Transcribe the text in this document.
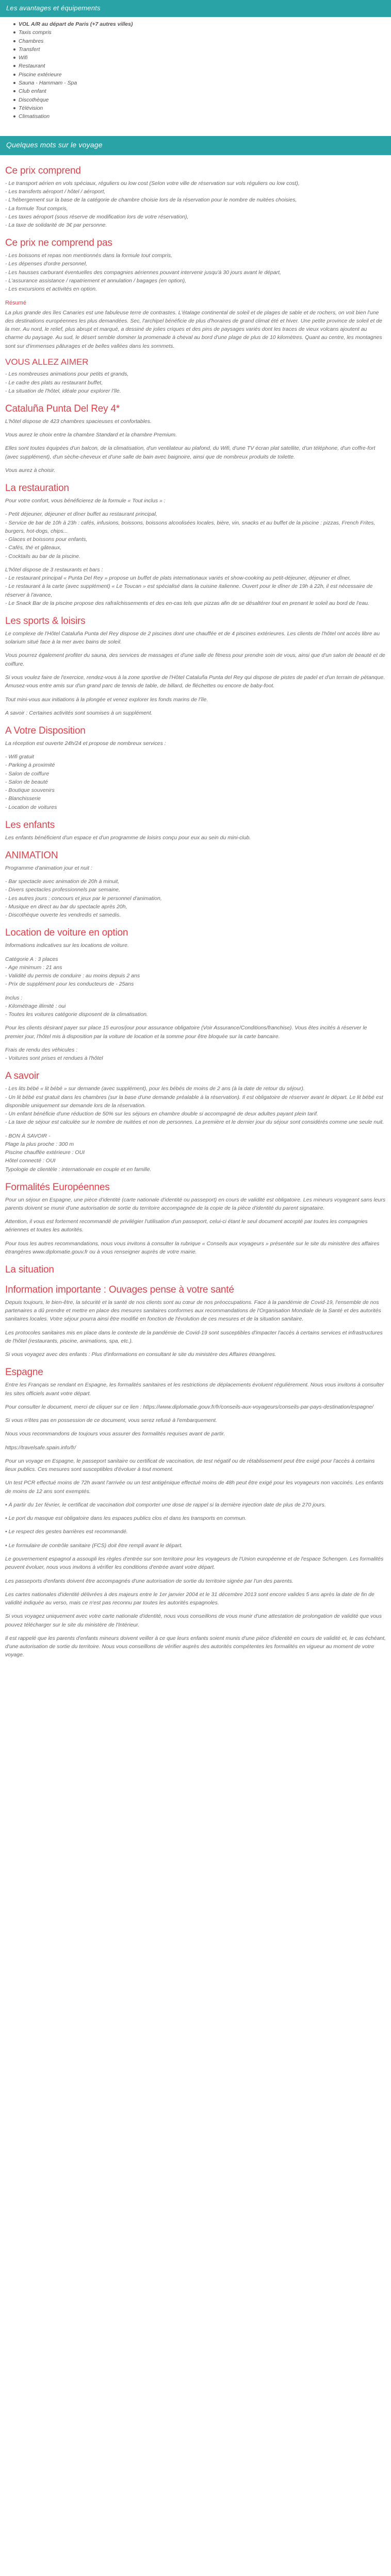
Les avantages et équipements
VOL A/R au départ de Paris (+7 autres villes)
Taxis compris
Chambres
Transfert
Wifi
Restaurant
Piscine extérieure
Sauna - Hammam - Spa
Club enfant
Discothèque
Télévision
Climatisation
Quelques mots sur le voyage
Ce prix comprend

- Le transport aérien en vols spéciaux, réguliers ou low cost (Selon votre ville de réservation sur vols réguliers ou low cost),
- Les transferts aéroport / hôtel / aéroport,
- L'hébergement sur la base de la catégorie de chambre choisie lors de la réservation pour le nombre de nuitées choisies,
- La formule Tout compris,
- Les taxes aéroport (sous réserve de modification lors de votre réservation),
- La taxe de solidarité de 3€ par personne.

Ce prix ne comprend pas

- Les boissons et repas non mentionnés dans la formule tout compris,
- Les dépenses d'ordre personnel,
- Les hausses carburant éventuelles des compagnies aériennes pouvant intervenir jusqu'à 30 jours avant le départ,
- L'assurance assistance / rapatriement et annulation / bagages (en option),
- Les excursions et activités en option.

Résumé

La plus grande des îles Canaries est une fabuleuse terre de contrastes. L'étalage continental de soleil et de plages de sable et de rochers, on voit bien l'une des destinations européennes les plus demandées. Sec, l'archipel bénéficie de plus d'horaires de grand climat été et hiver. Une petite province de soleil et de la mer. Au nord, le relief, plus abrupt et marqué, a dessiné de jolies criques et des pins de paysages variés dont les traces de vieux volcans ajoutent au charme du paysage. Au sud, le désert semble dominer la promenade à cheval au bord d'une plage de plus de 10 kilomètres. Quant au centre, les montagnes sont sur d'immenses pâturages et de belles vallées dans les sommets.

VOUS ALLEZ AIMER

- Les nombreuses animations pour petits et grands,
- Le cadre des plats au restaurant buffet,
- La situation de l'hôtel, idéale pour explorer l'île.

Cataluña Punta Del Rey 4*

L'hôtel dispose de 423 chambres spacieuses et confortables.

Vous aurez le choix entre la chambre Standard et la chambre Premium.

Elles sont toutes équipées d'un balcon, de la climatisation, d'un ventilateur au plafond, du Wifi, d'une TV écran plat satellite, d'un téléphone, d'un coffre-fort (avec supplément), d'un sèche-cheveux et d'une salle de bain avec baignoire, ainsi que de nombreux produits de toilette.

Vous aurez à choisir.

La restauration

Pour votre confort, vous bénéficierez de la formule « Tout inclus » :

- Petit déjeuner, déjeuner et dîner buffet au restaurant principal,
- Service de bar de 10h à 23h : cafés, infusions, boissons, boissons alcoolisées locales, bière, vin, snacks et au buffet de la piscine : pizzas, French Frites, burgers, hot-dogs, chips...
- Glaces et boissons pour enfants,
- Cafés, thé et gâteaux,
- Cocktails au bar de la piscine.

L'hôtel dispose de 3 restaurants et bars :
- Le restaurant principal « Punta Del Rey » propose un buffet de plats internationaux variés et show-cooking au petit-déjeuner, déjeuner et dîner,
- Le restaurant à la carte (avec supplément) « Le Toucan » est spécialisé dans la cuisine italienne. Ouvert pour le dîner de 19h à 22h, il est nécessaire de réserver à l'avance,
- Le Snack Bar de la piscine propose des rafraîchissements et des en-cas tels que pizzas afin de se désaltérer tout en prenant le soleil au bord de l'eau.

Les sports & loisirs

Le complexe de l'Hôtel Cataluña Punta del Rey dispose de 2 piscines dont une chauffée et de 4 piscines extérieures. Les clients de l'hôtel ont accès libre au solarium situé face à la mer avec bains de soleil.

Vous pourrez également profiter du sauna, des services de massages et d'une salle de fitness pour prendre soin de vous, ainsi que d'un salon de beauté et de coiffure.

Si vous voulez faire de l'exercice, rendez-vous à la zone sportive de l'Hôtel Cataluña Punta del Rey qui dispose de pistes de padel et d'un terrain de pétanque. Amusez-vous entre amis sur d'un grand parc de tennis de table, de billard, de fléchettes ou encore de baby-foot.

Tout mini-vous aux initiations à la plongée et venez explorer les fonds marins de l'île.

A savoir : Certaines activités sont soumises à un supplément.

A Votre Disposition

La réception est ouverte 24h/24 et propose de nombreux services :

- Wifi gratuit
- Parking à proximité
- Salon de coiffure
- Salon de beauté
- Boutique souvenirs
- Blanchisserie
- Location de voitures

Les enfants

Les enfants bénéficient d'un espace et d'un programme de loisirs conçu pour eux au sein du mini-club.

ANIMATION

Programme d'animation jour et nuit :

- Bar spectacle avec animation de 20h à minuit,
- Divers spectacles professionnels par semaine,
- Les autres jours : concours et jeux par le personnel d'animation,
- Musique en direct au bar du spectacle après 20h,
- Discothèque ouverte les vendredis et samedis.

Location de voiture en option

Informations indicatives sur les locations de voiture.

Catégorie A : 3 places
- Age minimum : 21 ans
- Validité du permis de conduire : au moins depuis 2 ans
- Prix de supplément pour les conducteurs de - 25ans

Inclus :
- Kilométrage illimité : oui
- Toutes les voitures catégorie disposent de la climatisation.

Pour les clients désirant payer sur place 15 euros/jour pour assurance obligatoire (Voir Assurance/Conditions/franchise). Vous êtes incités à réserver le premier jour, l'hôtel mis à disposition par la voiture de location et la somme pour être bloquée sur la carte bancaire.

Frais de rendu des véhicules :
- Voitures sont prises et rendues à l'hôtel

A savoir

- Les lits bébé « lit bébé » sur demande (avec supplément), pour les bébés de moins de 2 ans (à la date de retour du séjour).
- Un lit bébé est gratuit dans les chambres (sur la base d'une demande préalable à la réservation). Il est obligatoire de réserver avant le départ. Le lit bébé est disponible uniquement sur demande lors de la réservation.
- Un enfant bénéficie d'une réduction de 50% sur les séjours en chambre double si accompagné de deux adultes payant plein tarif.
- La taxe de séjour est calculée sur le nombre de nuitées et non de personnes. La première et le dernier jour du séjour sont considérés comme une seule nuit.

- BON À SAVOIR -
Plage la plus proche : 300 m
Piscine chauffée extérieure : OUI
Hôtel connecté : OUI
Typologie de clientèle : internationale en couple et en famille.

Formalités Européennes

Pour un séjour en Espagne, une pièce d'identité (carte nationale d'identité ou passeport) en cours de validité est obligatoire. Les mineurs voyageant sans leurs parents doivent se munir d'une autorisation de sortie du territoire accompagnée de la copie de la pièce d'identité du parent signataire.

Attention, il vous est fortement recommandé de privilégier l'utilisation d'un passeport, celui-ci étant le seul document accepté par toutes les compagnies aériennes et toutes les autorités.

Pour tous les autres recommandations, nous vous invitons à consulter la rubrique « Conseils aux voyageurs » présentée sur le site du ministère des affaires étrangères www.diplomatie.gouv.fr ou à vous renseigner auprès de votre mairie.

La situation
Information importante : Ouvages pense à votre santé

Depuis toujours, le bien-être, la sécurité et la santé de nos clients sont au cœur de nos préoccupations. Face à la pandémie de Covid-19, l'ensemble de nos partenaires a dû prendre et mettre en place des mesures sanitaires conformes aux recommandations de l'Organisation Mondiale de la Santé et des autorités sanitaires locales. Votre séjour pourra ainsi être modifié en fonction de l'évolution de ces mesures et de la situation sanitaire.

Les protocoles sanitaires mis en place dans le contexte de la pandémie de Covid-19 sont susceptibles d'impacter l'accès à certains services et infrastructures de l'hôtel (restaurants, piscine, animations, spa, etc.).

Si vous voyagez avec des enfants : Plus d'informations en consultant le site du ministère des Affaires étrangères.

Espagne

Entre les Français se rendant en Espagne, les formalités sanitaires et les restrictions de déplacements évoluent régulièrement. Nous vous invitons à consulter les sites officiels avant votre départ.

Pour consulter le document, merci de cliquer sur ce lien : https://www.diplomatie.gouv.fr/fr/conseils-aux-voyageurs/conseils-par-pays-destination/espagne/

Si vous n'êtes pas en possession de ce document, vous serez refusé à l'embarquement.

Nous vous recommandons de toujours vous assurer des formalités requises avant de partir.

https://travelsafe.spain.info/fr/

Pour un voyage en Espagne, le passeport sanitaire ou certificat de vaccination, de test négatif ou de rétablissement peut être exigé pour l'accès à certains lieux publics. Ces mesures sont susceptibles d'évoluer à tout moment.

Un test PCR effectué moins de 72h avant l'arrivée ou un test antigénique effectué moins de 48h peut être exigé pour les voyageurs non vaccinés. Les enfants de moins de 12 ans sont exemptés.

• À partir du 1er février, le certificat de vaccination doit comporter une dose de rappel si la dernière injection date de plus de 270 jours.

• Le port du masque est obligatoire dans les espaces publics clos et dans les transports en commun.

• Le respect des gestes barrières est recommandé.

• Le formulaire de contrôle sanitaire (FCS) doit être rempli avant le départ.

Le gouvernement espagnol a assoupli les règles d'entrée sur son territoire pour les voyageurs de l'Union européenne et de l'espace Schengen. Les formalités peuvent évoluer, nous vous invitons à vérifier les conditions d'entrée avant votre départ.

Les passeports d'enfants doivent être accompagnés d'une autorisation de sortie du territoire signée par l'un des parents.

Les cartes nationales d'identité délivrées à des majeurs entre le 1er janvier 2004 et le 31 décembre 2013 sont encore valides 5 ans après la date de fin de validité indiquée au verso, mais ce n'est pas reconnu par toutes les autorités espagnoles.

Si vous voyagez uniquement avec votre carte nationale d'identité, nous vous conseillons de vous munir d'une attestation de prolongation de validité que vous pouvez télécharger sur le site du ministère de l'Intérieur.

Il est rappelé que les parents d'enfants mineurs doivent veiller à ce que leurs enfants soient munis d'une pièce d'identité en cours de validité et, le cas échéant, d'une autorisation de sortie du territoire. Nous vous conseillons de vérifier auprès des autorités compétentes les formalités en vigueur au moment de votre voyage.
